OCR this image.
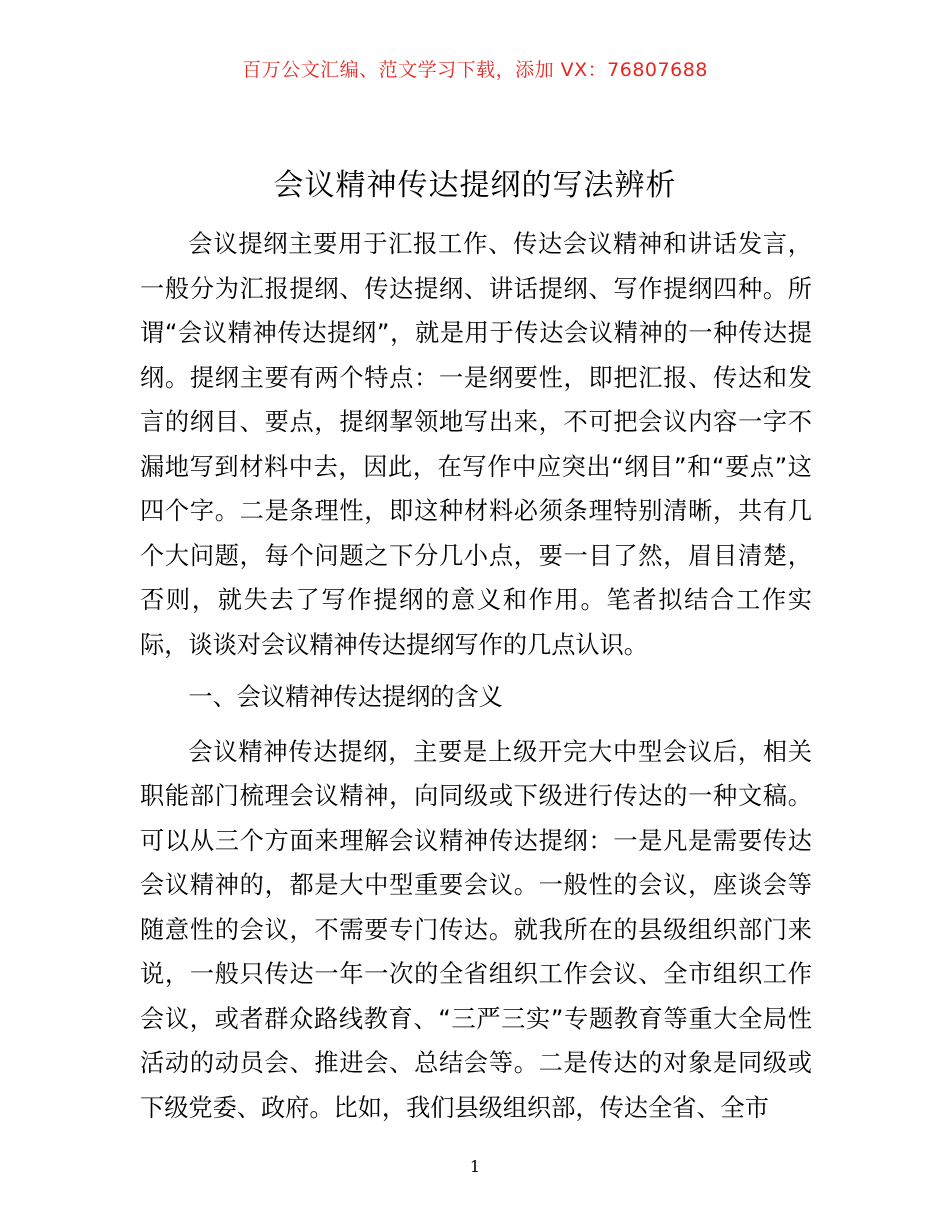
百万公文汇编、范文学习下载，添加 VX：76807688
会议精神传达提纲的写法辨析

会议提纲主要用于汇报工作、传达会议精神和讲话发言，一般分为汇报提纲、传达提纲、讲话提纲、写作提纲四种。所谓“会议精神传达提纲”，就是用于传达会议精神的一种传达提纲。提纲主要有两个特点：一是纲要性，即把汇报、传达和发言的纲目、要点，提纲挈领地写出来，不可把会议内容一字不漏地写到材料中去，因此，在写作中应突出“纲目”和“要点”这四个字。二是条理性，即这种材料必须条理特别清晰，共有几个大问题，每个问题之下分几小点，要一目了然，眉目清楚，否则，就失去了写作提纲的意义和作用。笔者拟结合工作实际，谈谈对会议精神传达提纲写作的几点认识。

一、会议精神传达提纲的含义

会议精神传达提纲，主要是上级开完大中型会议后，相关职能部门梳理会议精神，向同级或下级进行传达的一种文稿。可以从三个方面来理解会议精神传达提纲：一是凡是需要传达会议精神的，都是大中型重要会议。一般性的会议，座谈会等随意性的会议，不需要专门传达。就我所在的县级组织部门来说，一般只传达一年一次的全省组织工作会议、全市组织工作会议，或者群众路线教育、“三严三实”专题教育等重大全局性活动的动员会、推进会、总结会等。二是传达的对象是同级或下级党委、政府。比如，我们县级组织部，传达全省、全市

1
